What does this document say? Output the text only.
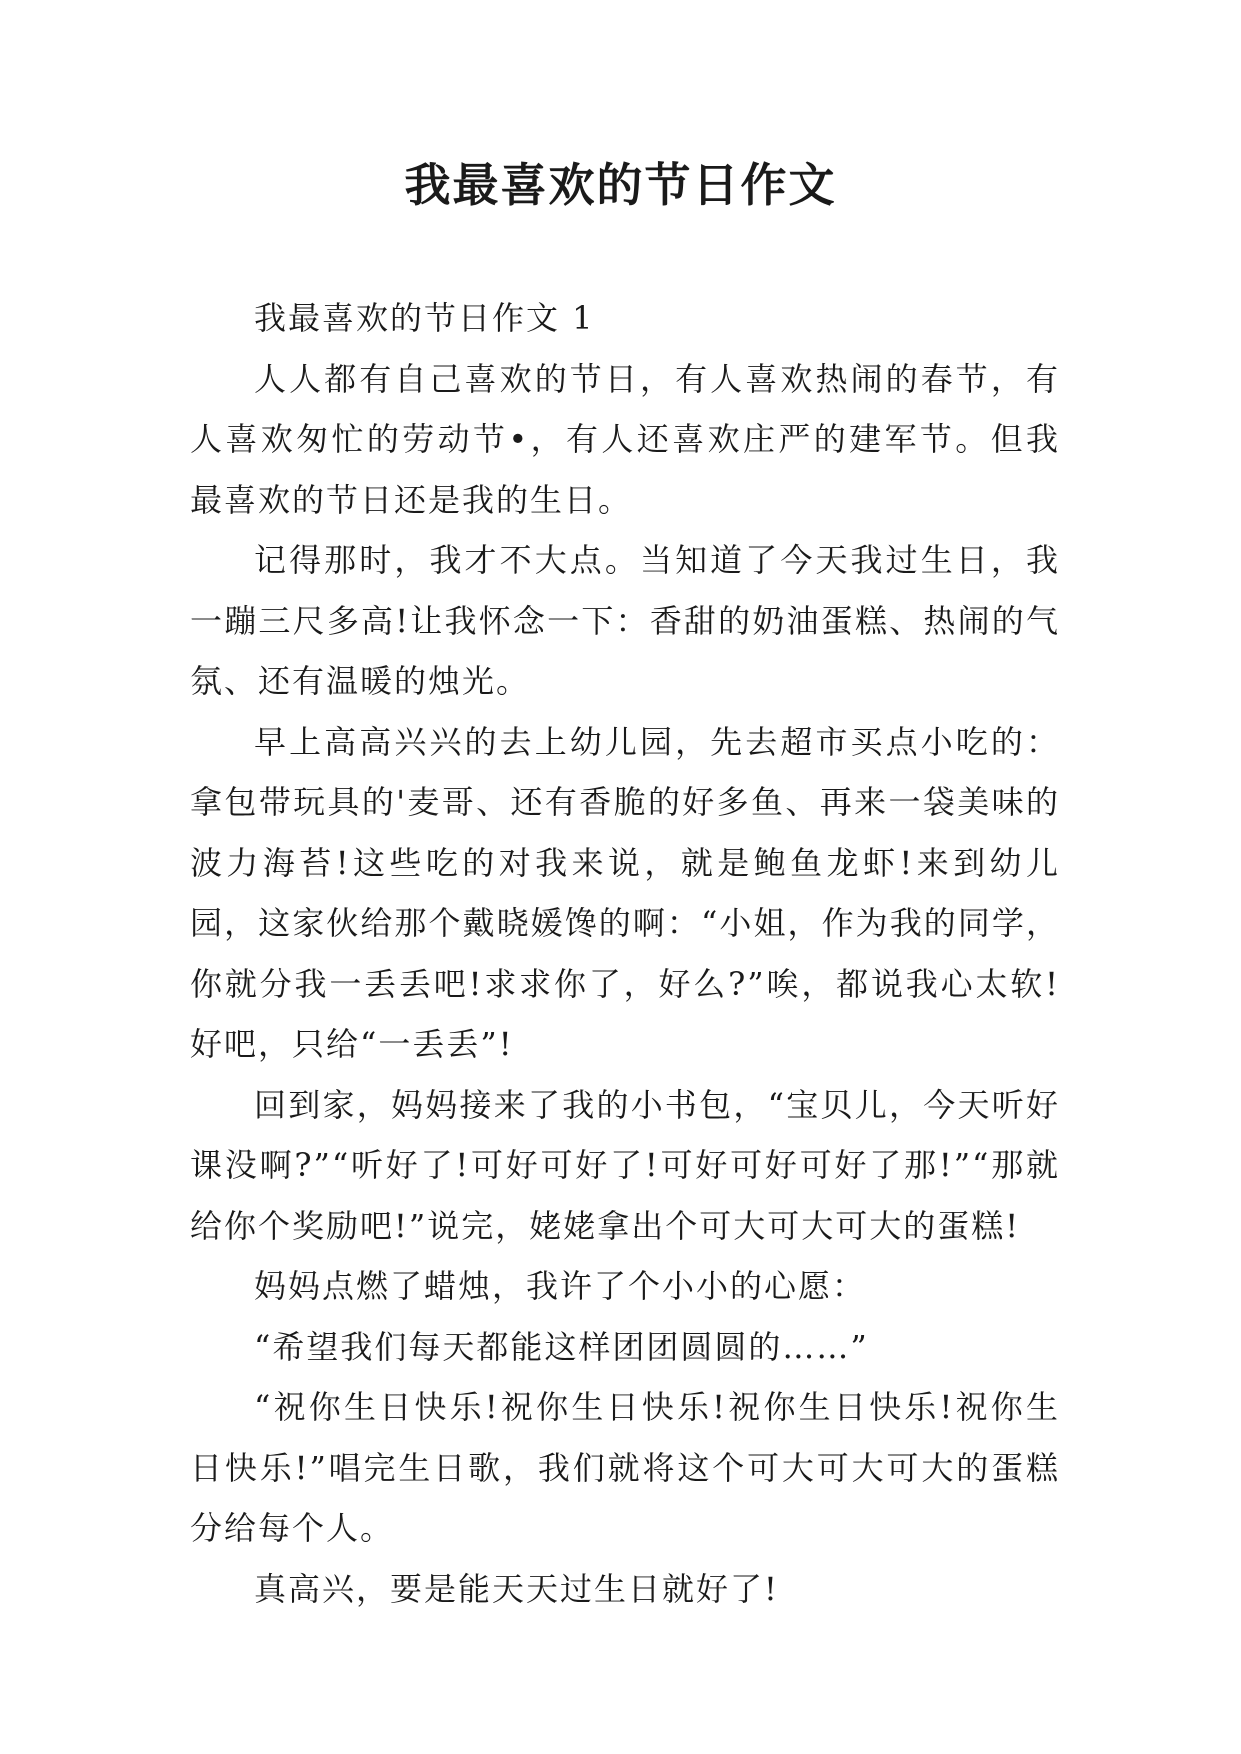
我最喜欢的节日作文

我最喜欢的节日作文 1

人人都有自己喜欢的节日，有人喜欢热闹的春节，有人喜欢匆忙的劳动节•，有人还喜欢庄严的建军节。但我最喜欢的节日还是我的生日。

记得那时，我才不大点。当知道了今天我过生日，我一蹦三尺多高!让我怀念一下：香甜的奶油蛋糕、热闹的气氛、还有温暖的烛光。

早上高高兴兴的去上幼儿园，先去超市买点小吃的：拿包带玩具的'麦哥、还有香脆的好多鱼、再来一袋美味的波力海苔!这些吃的对我来说，就是鲍鱼龙虾!来到幼儿园，这家伙给那个戴晓媛馋的啊：“小姐，作为我的同学，你就分我一丢丢吧!求求你了，好么?”唉，都说我心太软!好吧，只给“一丢丢”!

回到家，妈妈接来了我的小书包，“宝贝儿，今天听好课没啊?”“听好了!可好可好了!可好可好可好了那!”“那就给你个奖励吧!”说完，姥姥拿出个可大可大可大的蛋糕!

妈妈点燃了蜡烛，我许了个小小的心愿：

“希望我们每天都能这样团团圆圆的……”

“祝你生日快乐!祝你生日快乐!祝你生日快乐!祝你生日快乐!”唱完生日歌，我们就将这个可大可大可大的蛋糕分给每个人。

真高兴，要是能天天过生日就好了!
